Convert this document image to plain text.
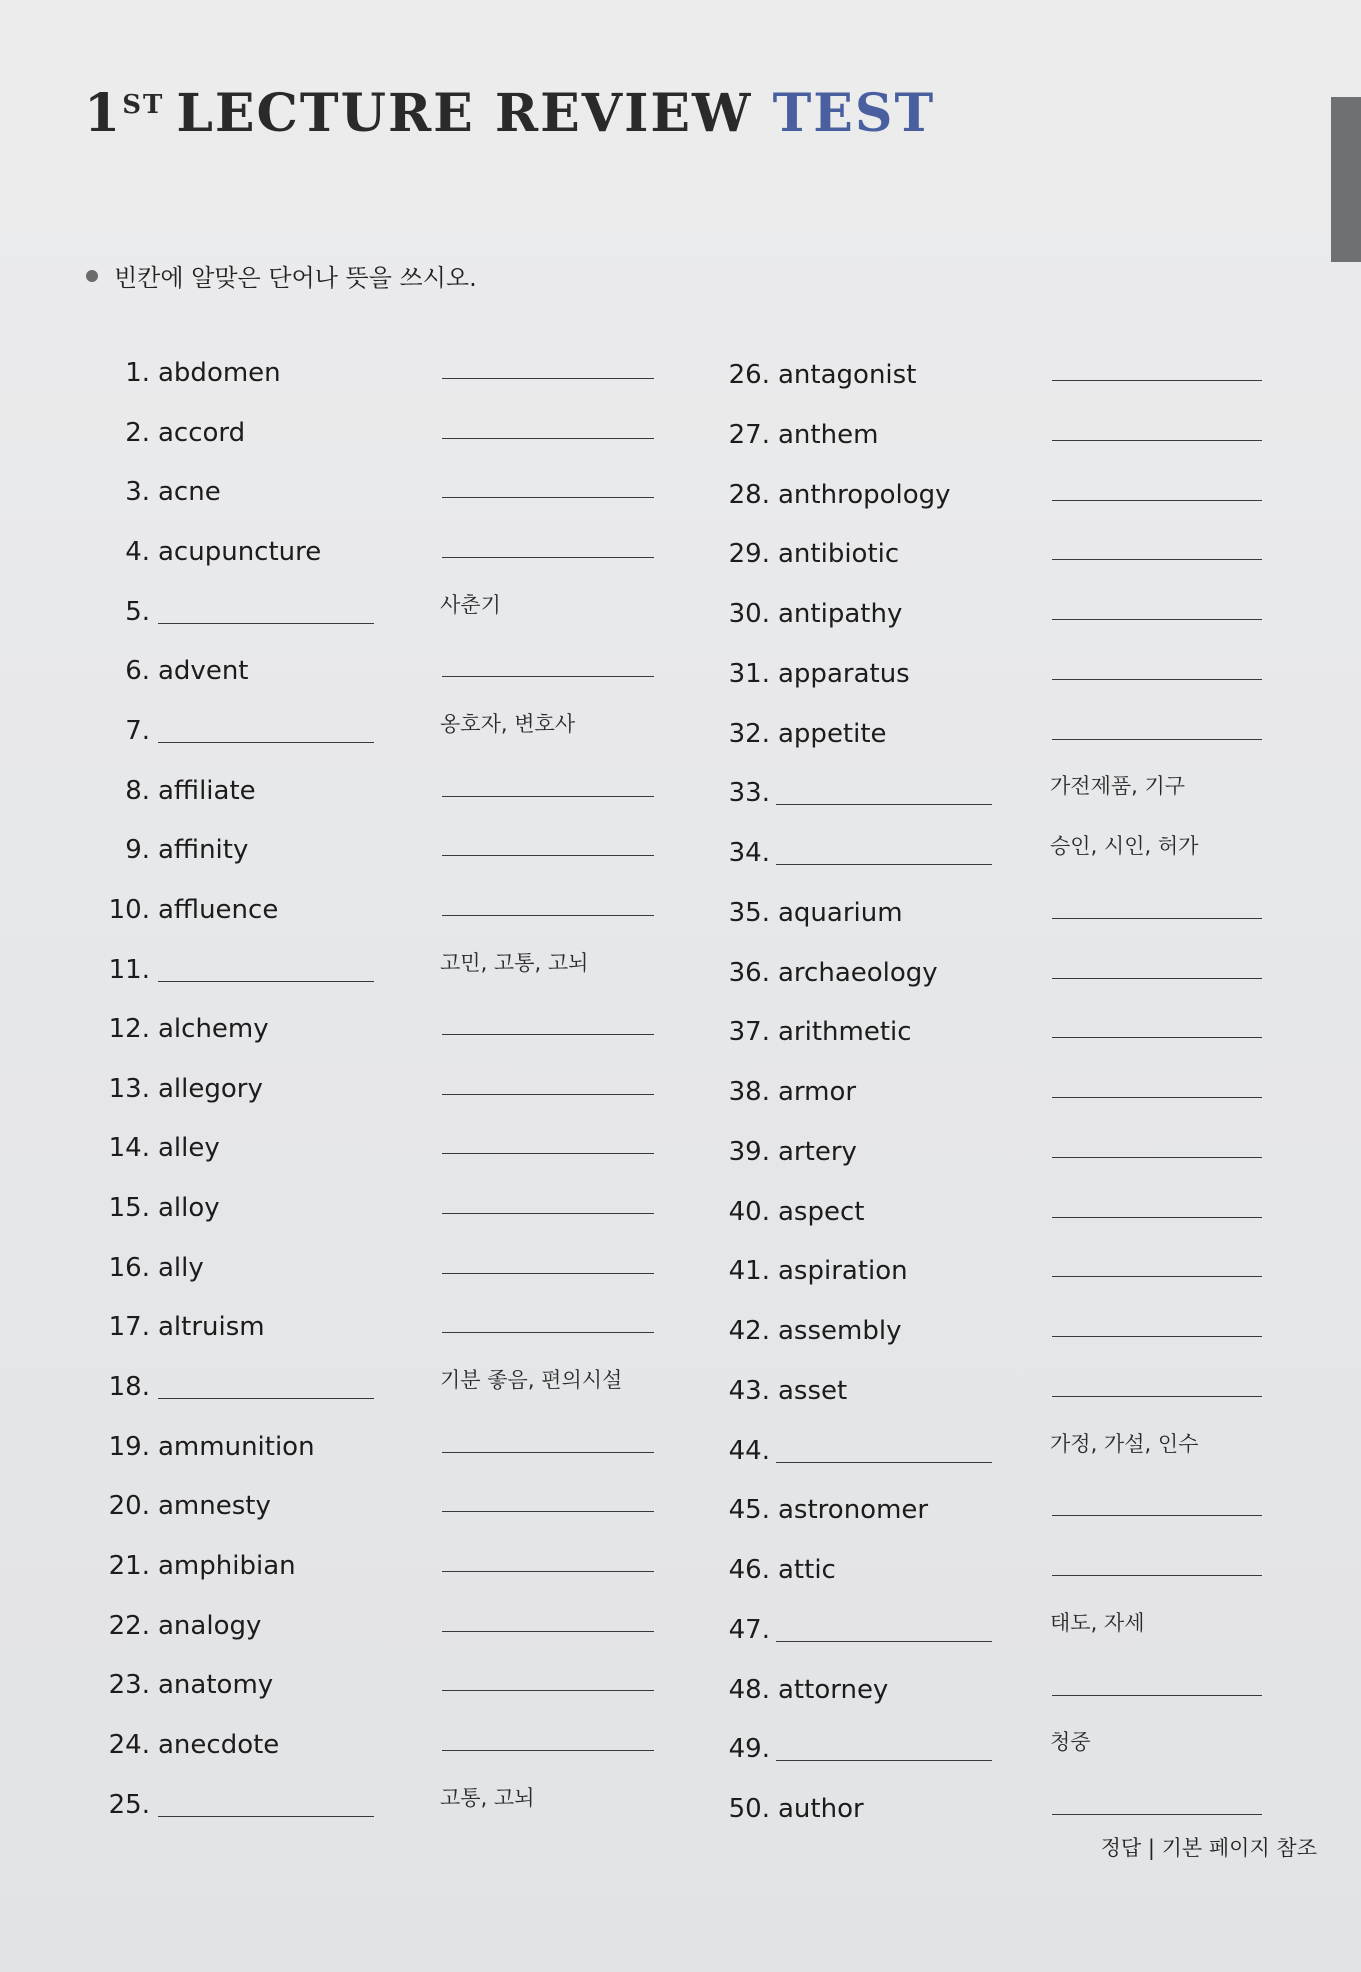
1ST LECTURE REVIEW TEST
빈칸에 알맞은 단어나 뜻을 쓰시오.
1. abdomen
2. accord
3. acne
4. acupuncture
5.	사춘기
6. advent
7.	옹호자, 변호사
8. affiliate
9. affinity
10. affluence
11.	고민, 고통, 고뇌
12. alchemy
13. allegory
14. alley
15. alloy
16. ally
17. altruism
18.	기분 좋음, 편의시설
19. ammunition
20. amnesty
21. amphibian
22. analogy
23. anatomy
24. anecdote
25.	고통, 고뇌
26. antagonist
27. anthem
28. anthropology
29. antibiotic
30. antipathy
31. apparatus
32. appetite
33.	가전제품, 기구
34.	승인, 시인, 허가
35. aquarium
36. archaeology
37. arithmetic
38. armor
39. artery
40. aspect
41. aspiration
42. assembly
43. asset
44.	가정, 가설, 인수
45. astronomer
46. attic
47.	태도, 자세
48. attorney
49.	청중
50. author
정답 | 기본 페이지 참조
